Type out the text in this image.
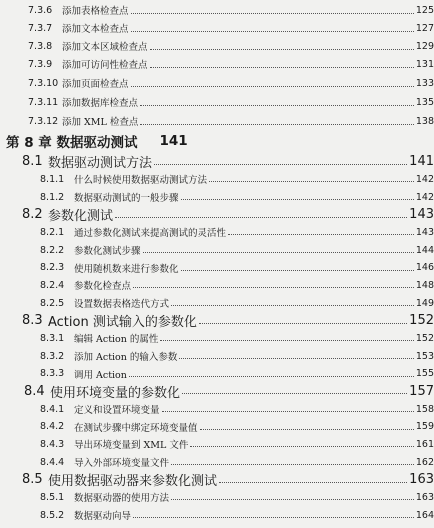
7.3.6	添加表格检查点	125
7.3.7	添加文本检查点	127
7.3.8	添加文本区域检查点	129
7.3.9	添加可访问性检查点	131
7.3.10 添加页面检查点	133
7.3.11 添加数据库检查点	135
7.3.12 添加 XML 检查点	138
第 8 章 数据驱动测试 141
8.1 数据驱动测试方法	141
8.1.1	什么时候使用数据驱动测试方法	142
8.1.2	数据驱动测试的一般步骤	142
8.2 参数化测试	143
8.2.1	通过参数化测试来提高测试的灵活性	143
8.2.2	参数化测试步骤	144
8.2.3	使用随机数来进行参数化	146
8.2.4	参数化检查点	148
8.2.5	设置数据表格迭代方式	149
8.3 Action 测试输入的参数化	152
8.3.1	编辑 Action 的属性	152
8.3.2	添加 Action 的输入参数	153
8.3.3	调用 Action	155
8.4 使用环境变量的参数化	157
8.4.1	定义和设置环境变量	158
8.4.2	在测试步骤中绑定环境变量值	159
8.4.3	导出环境变量到 XML 文件	161
8.4.4	导入外部环境变量文件	162
8.5 使用数据驱动器来参数化测试	163
8.5.1	数据驱动器的使用方法	163
8.5.2	数据驱动向导	164
